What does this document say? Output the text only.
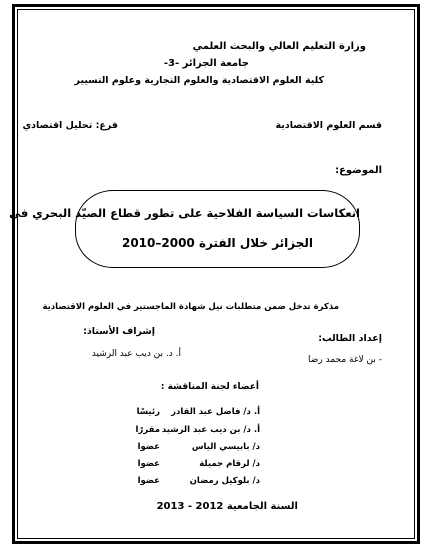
وزارة التعليم العالي والبحث العلمي
جامعة الجزائر -3-
كلية العلوم الاقتصادية والعلوم التجارية وعلوم التسيير
قسم العلوم الاقتصادية
فرع: تحليل اقتصادي
الموضوع:
انعكاسات السياسة الفلاحية على تطور قطاع الصيّد البحري في
الجزائر خلال الفترة 2000–2010
مذكرة تدخل ضمن متطلبات نيل شهادة الماجستير في العلوم الاقتصادية
إعداد الطالب:
إشراف الأستاذ:
- بن لاغة محمد رضا
أ. د. بن ديب عبد الرشيد
أعضاء لجنة المناقشة :
أ. د/ فاضل عبد القادر
رئيسًا
أ. د/ بن ديب عبد الرشيد
مقررًا
د/ بابيسي الياس
عضوا
د/ لرقام جميلة
عضوا
د/ بلوكيل رمضان
عضوا
السنة الجامعية 2012 - 2013
